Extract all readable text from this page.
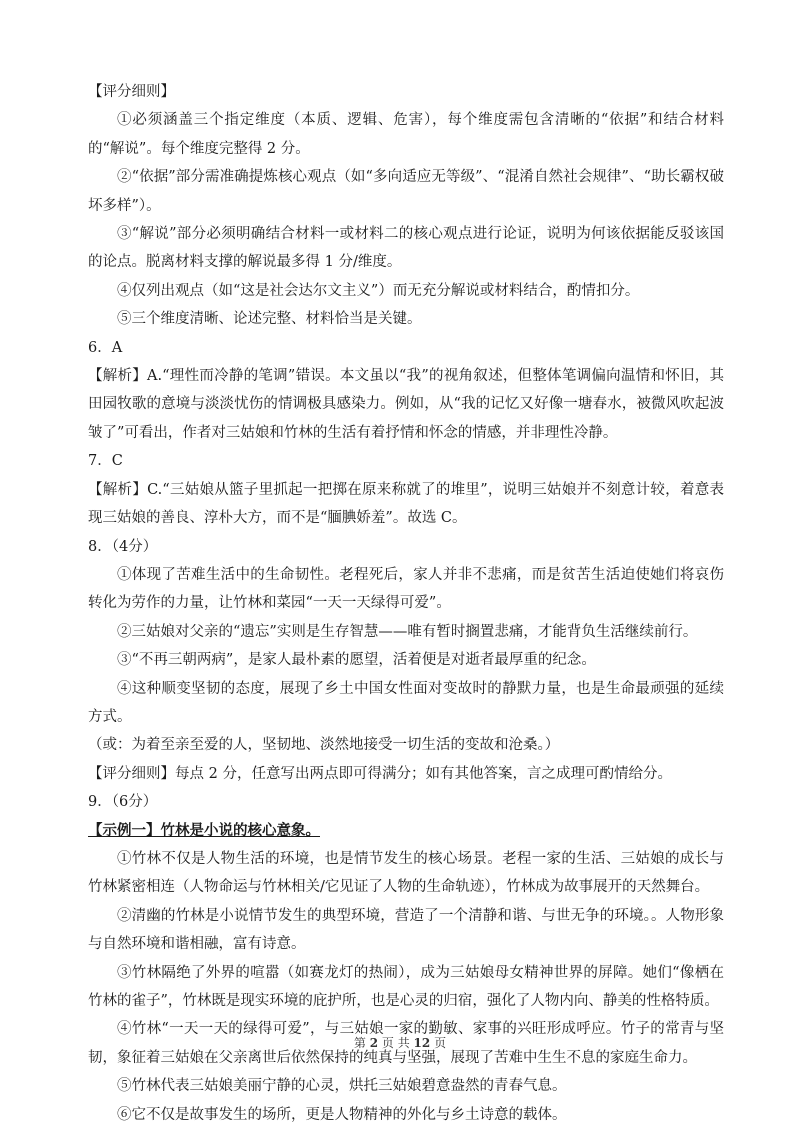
【评分细则】

①必须涵盖三个指定维度（本质、逻辑、危害），每个维度需包含清晰的“依据”和结合材料的“解说”。每个维度完整得 2 分。

②“依据”部分需准确提炼核心观点（如“多向适应无等级”、“混淆自然社会规律”、“助长霸权破坏多样”）。

③“解说”部分必须明确结合材料一或材料二的核心观点进行论证，说明为何该依据能反驳该国的论点。脱离材料支撑的解说最多得 1 分/维度。

④仅列出观点（如“这是社会达尔文主义”）而无充分解说或材料结合，酌情扣分。

⑤三个维度清晰、论述完整、材料恰当是关键。

6．A

【解析】A.“理性而冷静的笔调”错误。本文虽以“我”的视角叙述，但整体笔调偏向温情和怀旧，其田园牧歌的意境与淡淡忧伤的情调极具感染力。例如，从“我的记忆又好像一塘春水，被微风吹起波皱了”可看出，作者对三姑娘和竹林的生活有着抒情和怀念的情感，并非理性冷静。

7．C

【解析】C.“三姑娘从篮子里抓起一把掷在原来称就了的堆里”，说明三姑娘并不刻意计较，着意表现三姑娘的善良、淳朴大方，而不是“腼腆娇羞”。故选 C。

8．（4分）

①体现了苦难生活中的生命韧性。老程死后，家人并非不悲痛，而是贫苦生活迫使她们将哀伤转化为劳作的力量，让竹林和菜园“一天一天绿得可爱”。

②三姑娘对父亲的“遗忘”实则是生存智慧——唯有暂时搁置悲痛，才能背负生活继续前行。

③“不再三朝两病”，是家人最朴素的愿望，活着便是对逝者最厚重的纪念。

④这种顺变坚韧的态度，展现了乡土中国女性面对变故时的静默力量，也是生命最顽强的延续方式。

（或：为着至亲至爱的人，坚韧地、淡然地接受一切生活的变故和沧桑。）

【评分细则】每点 2 分，任意写出两点即可得满分；如有其他答案，言之成理可酌情给分。

9．（6分）

【示例一】竹林是小说的核心意象。

①竹林不仅是人物生活的环境，也是情节发生的核心场景。老程一家的生活、三姑娘的成长与竹林紧密相连（人物命运与竹林相关/它见证了人物的生命轨迹），竹林成为故事展开的天然舞台。

②清幽的竹林是小说情节发生的典型环境，营造了一个清静和谐、与世无争的环境。。人物形象与自然环境和谐相融，富有诗意。

③竹林隔绝了外界的喧嚣（如赛龙灯的热闹），成为三姑娘母女精神世界的屏障。她们“像栖在竹林的雀子”，竹林既是现实环境的庇护所，也是心灵的归宿，强化了人物内向、静美的性格特质。

④竹林“一天一天的绿得可爱”，与三姑娘一家的勤敏、家事的兴旺形成呼应。竹子的常青与坚韧，象征着三姑娘在父亲离世后依然保持的纯真与坚强，展现了苦难中生生不息的家庭生命力。

⑤竹林代表三姑娘美丽宁静的心灵，烘托三姑娘碧意盎然的青春气息。

⑥它不仅是故事发生的场所，更是人物精神的外化与乡土诗意的载体。

第 2 页 共 12 页
